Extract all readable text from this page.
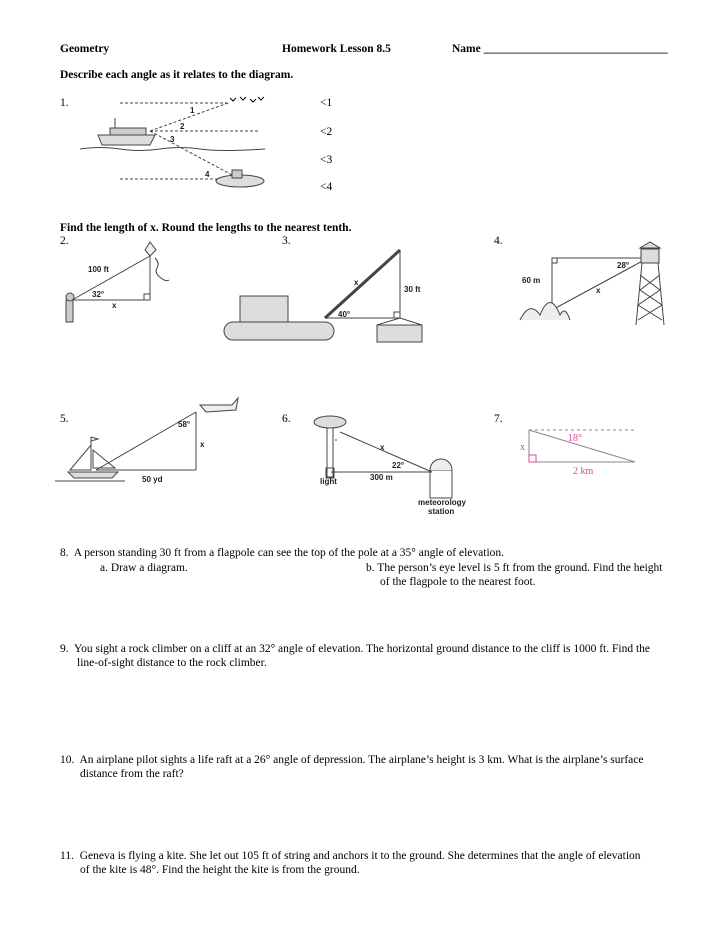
Geometry	Homework Lesson 8.5	Name ________________________________
Describe each angle as it relates to the diagram.
1.	<1
<2
<3
<4
1
2
3
4
100 ft
32°
x
x
30 ft
40°
60 m
28°
x
58°
x
50 yd
x
22°
300 m
light
meteorology
station
18°
x
2 km
Find the length of x. Round the lengths to the nearest tenth.
2.	3.	4.
5.	6.	7.
8. A person standing 30 ft from a flagpole can see the top of the pole at a 35° angle of elevation.
a. Draw a diagram.	b. The person’s eye level is 5 ft from the ground. Find the height
of the flagpole to the nearest foot.
9. You sight a rock climber on a cliff at an 32° angle of elevation. The horizontal ground distance to the cliff is 1000 ft. Find the
line-of-sight distance to the rock climber.
10. An airplane pilot sights a life raft at a 26° angle of depression. The airplane’s height is 3 km. What is the airplane’s surface
distance from the raft?
11. Geneva is flying a kite. She let out 105 ft of string and anchors it to the ground. She determines that the angle of elevation
of the kite is 48°. Find the height the kite is from the ground.
